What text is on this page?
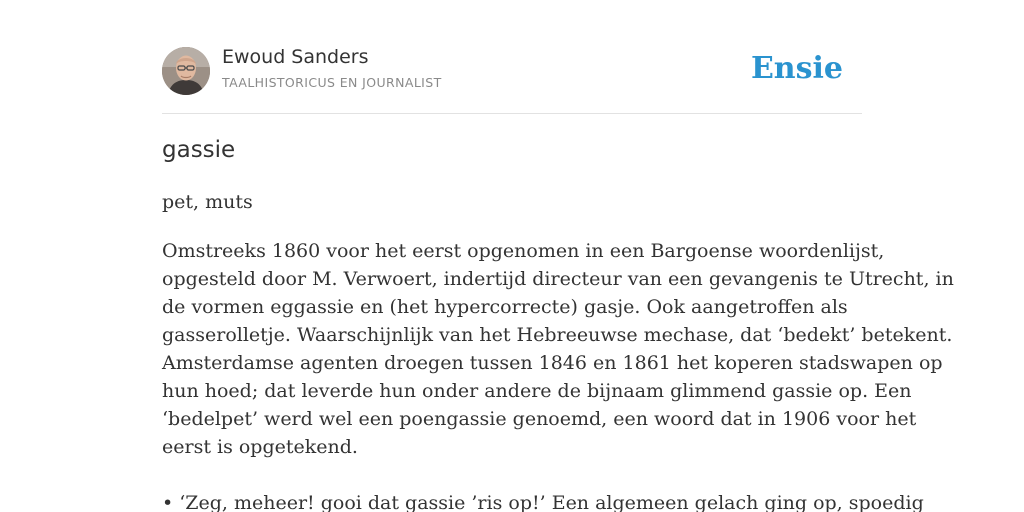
Ewoud Sanders
TAALHISTORICUS EN JOURNALIST	Ensie
gassie

pet, muts

Omstreeks 1860 voor het eerst opgenomen in een Bargoense woordenlijst,
opgesteld door M. Verwoert, indertijd directeur van een gevangenis te Utrecht, in
de vormen eggassie en (het hypercorrecte) gasje. Ook aangetroffen als
gasserolletje. Waarschijnlijk van het Hebreeuwse mechase, dat ‘bedekt’ betekent.
Amsterdamse agenten droegen tussen 1846 en 1861 het koperen stadswapen op
hun hoed; dat leverde hun onder andere de bijnaam glimmend gassie op. Een
‘bedelpet’ werd wel een poengassie genoemd, een woord dat in 1906 voor het
eerst is opgetekend.
• ‘Zeg, meheer! gooi dat gassie ’ris op!’ Een algemeen gelach ging op, spoedig
